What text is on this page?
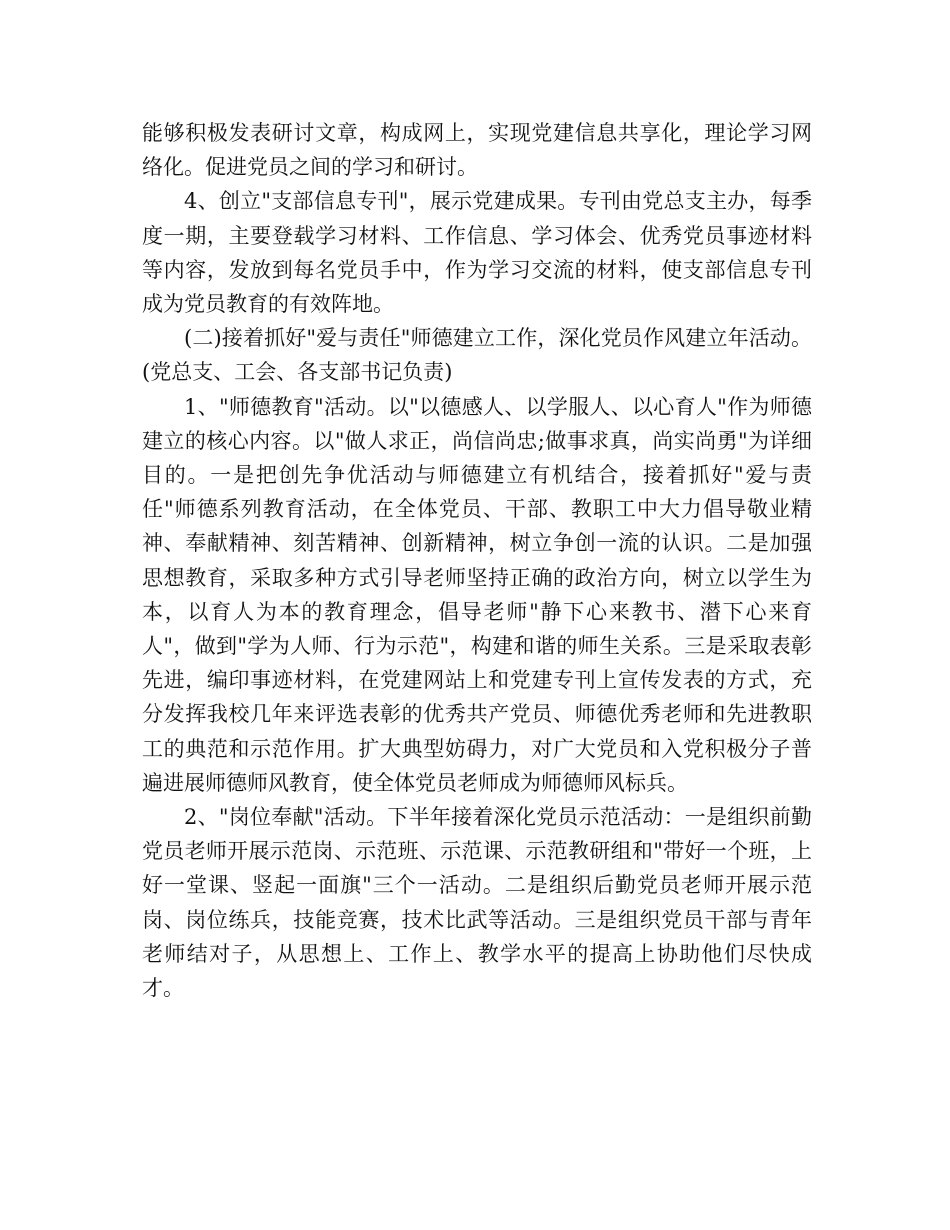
能够积极发表研讨文章，构成网上，实现党建信息共享化，理论学习网络化。促进党员之间的学习和研讨。

4、创立"支部信息专刊"，展示党建成果。专刊由党总支主办，每季度一期，主要登载学习材料、工作信息、学习体会、优秀党员事迹材料等内容，发放到每名党员手中，作为学习交流的材料，使支部信息专刊成为党员教育的有效阵地。

(二)接着抓好"爱与责任"师德建立工作，深化党员作风建立年活动。(党总支、工会、各支部书记负责)

1、"师德教育"活动。以"以德感人、以学服人、以心育人"作为师德建立的核心内容。以"做人求正，尚信尚忠;做事求真，尚实尚勇"为详细目的。一是把创先争优活动与师德建立有机结合，接着抓好"爱与责任"师德系列教育活动，在全体党员、干部、教职工中大力倡导敬业精神、奉献精神、刻苦精神、创新精神，树立争创一流的认识。二是加强思想教育，采取多种方式引导老师坚持正确的政治方向，树立以学生为本，以育人为本的教育理念，倡导老师"静下心来教书、潜下心来育人"，做到"学为人师、行为示范"，构建和谐的师生关系。三是采取表彰先进，编印事迹材料，在党建网站上和党建专刊上宣传发表的方式，充分发挥我校几年来评选表彰的优秀共产党员、师德优秀老师和先进教职工的典范和示范作用。扩大典型妨碍力，对广大党员和入党积极分子普遍进展师德师风教育，使全体党员老师成为师德师风标兵。

2、"岗位奉献"活动。下半年接着深化党员示范活动：一是组织前勤党员老师开展示范岗、示范班、示范课、示范教研组和"带好一个班，上好一堂课、竖起一面旗"三个一活动。二是组织后勤党员老师开展示范岗、岗位练兵，技能竞赛，技术比武等活动。三是组织党员干部与青年老师结对子，从思想上、工作上、教学水平的提高上协助他们尽快成才。
